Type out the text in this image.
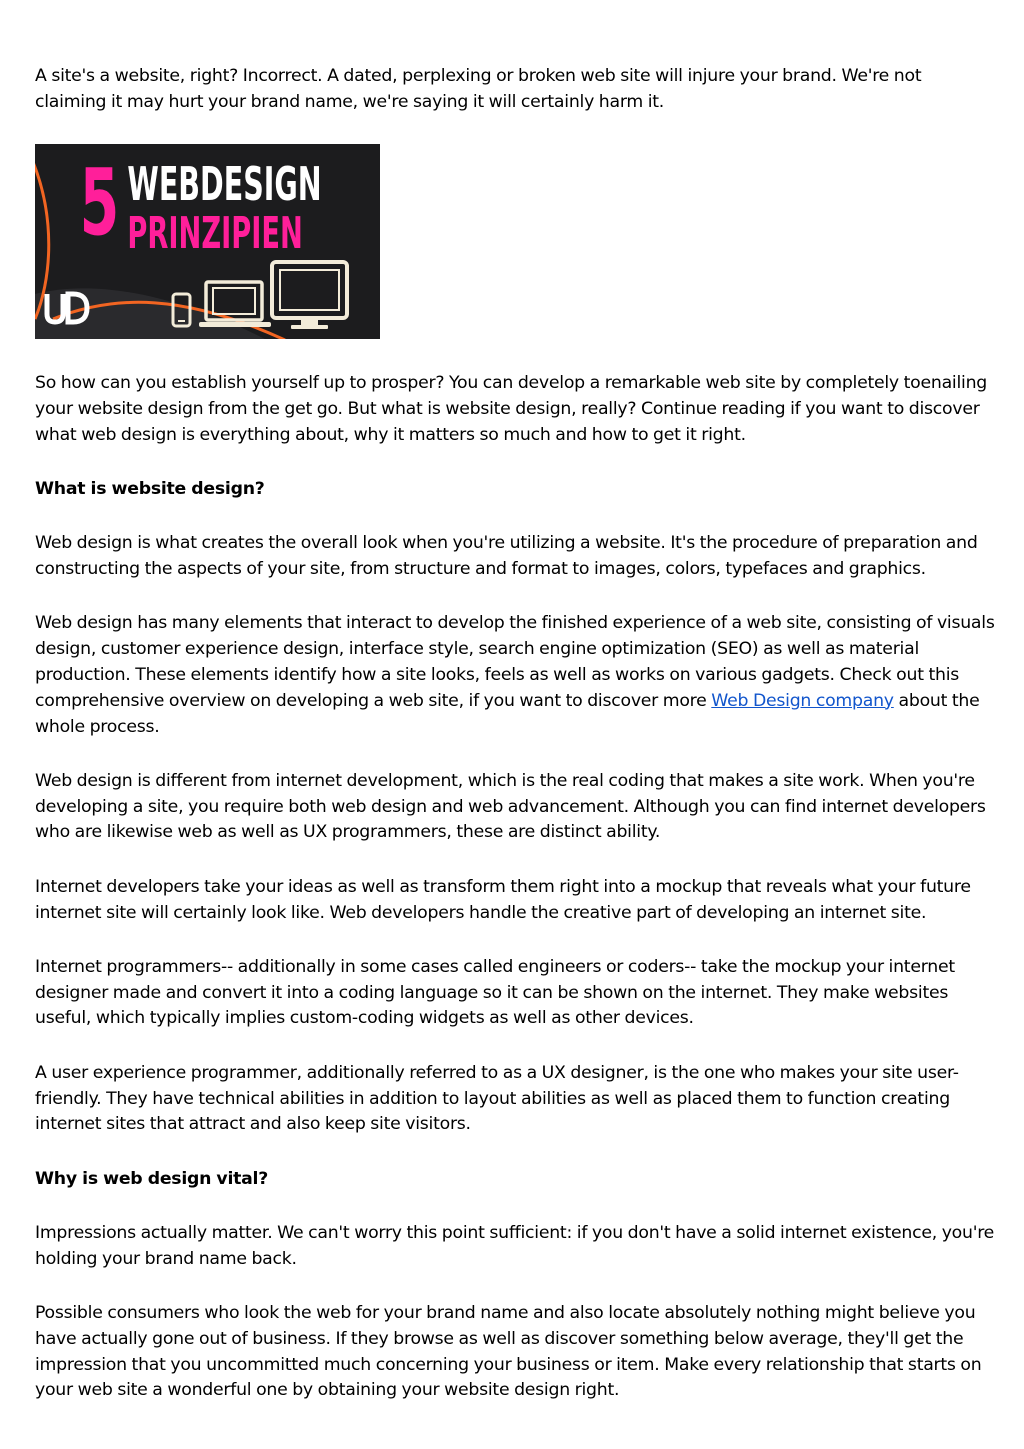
A site's a website, right? Incorrect. A dated, perplexing or broken web site will injure your brand. We're not claiming it may hurt your brand name, we're saying it will certainly harm it.

5 WEBDESIGN
PRINZIPIEN

So how can you establish yourself up to prosper? You can develop a remarkable web site by completely toenailing your website design from the get go. But what is website design, really? Continue reading if you want to discover what web design is everything about, why it matters so much and how to get it right.

What is website design?

Web design is what creates the overall look when you're utilizing a website. It's the procedure of preparation and constructing the aspects of your site, from structure and format to images, colors, typefaces and graphics.

Web design has many elements that interact to develop the finished experience of a web site, consisting of visuals design, customer experience design, interface style, search engine optimization (SEO) as well as material production. These elements identify how a site looks, feels as well as works on various gadgets. Check out this comprehensive overview on developing a web site, if you want to discover more Web Design company about the whole process.

Web design is different from internet development, which is the real coding that makes a site work. When you're developing a site, you require both web design and web advancement. Although you can find internet developers who are likewise web as well as UX programmers, these are distinct ability.

Internet developers take your ideas as well as transform them right into a mockup that reveals what your future internet site will certainly look like. Web developers handle the creative part of developing an internet site.

Internet programmers-- additionally in some cases called engineers or coders-- take the mockup your internet designer made and convert it into a coding language so it can be shown on the internet. They make websites useful, which typically implies custom-coding widgets as well as other devices.

A user experience programmer, additionally referred to as a UX designer, is the one who makes your site user-friendly. They have technical abilities in addition to layout abilities as well as placed them to function creating internet sites that attract and also keep site visitors.

Why is web design vital?

Impressions actually matter. We can't worry this point sufficient: if you don't have a solid internet existence, you're holding your brand name back.

Possible consumers who look the web for your brand name and also locate absolutely nothing might believe you have actually gone out of business. If they browse as well as discover something below average, they'll get the impression that you uncommitted much concerning your business or item. Make every relationship that starts on your web site a wonderful one by obtaining your website design right.
